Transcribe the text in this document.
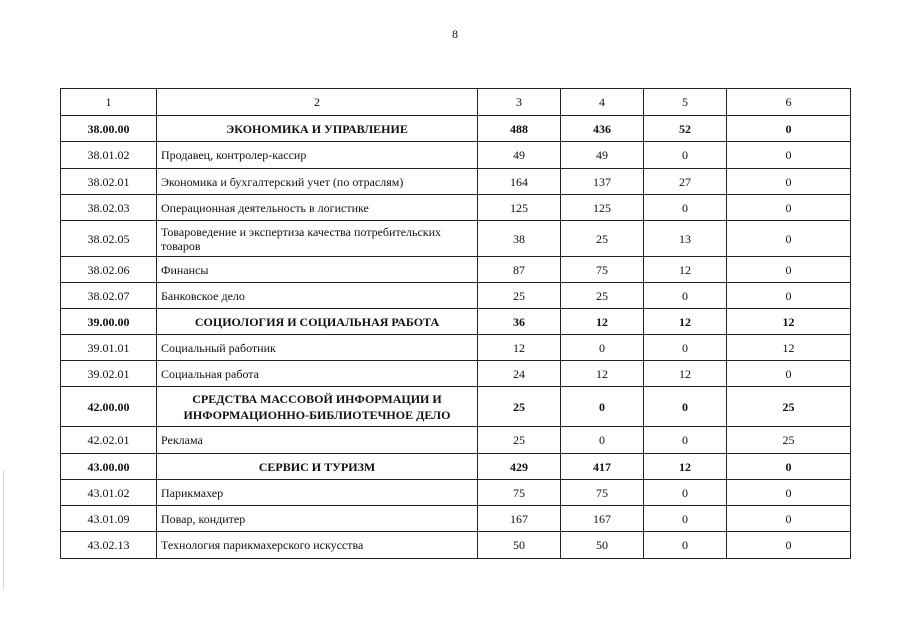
8
1	2	3	4	5	6
38.00.00	ЭКОНОМИКА И УПРАВЛЕНИЕ	488	436	52	0
38.01.02	Продавец, контролер-кассир	49	49	0	0
38.02.01	Экономика и бухгалтерский учет (по отраслям)	164	137	27	0
38.02.03	Операционная деятельность в логистике	125	125	0	0
38.02.05	Товароведение и экспертиза качества потребительских товаров	38	25	13	0
38.02.06	Финансы	87	75	12	0
38.02.07	Банковское дело	25	25	0	0
39.00.00	СОЦИОЛОГИЯ И СОЦИАЛЬНАЯ РАБОТА	36	12	12	12
39.01.01	Социальный работник	12	0	0	12
39.02.01	Социальная работа	24	12	12	0
42.00.00	СРЕДСТВА МАССОВОЙ ИНФОРМАЦИИ И ИНФОРМАЦИОННО-БИБЛИОТЕЧНОЕ ДЕЛО	25	0	0	25
42.02.01	Реклама	25	0	0	25
43.00.00	СЕРВИС И ТУРИЗМ	429	417	12	0
43.01.02	Парикмахер	75	75	0	0
43.01.09	Повар, кондитер	167	167	0	0
43.02.13	Технология парикмахерского искусства	50	50	0	0
